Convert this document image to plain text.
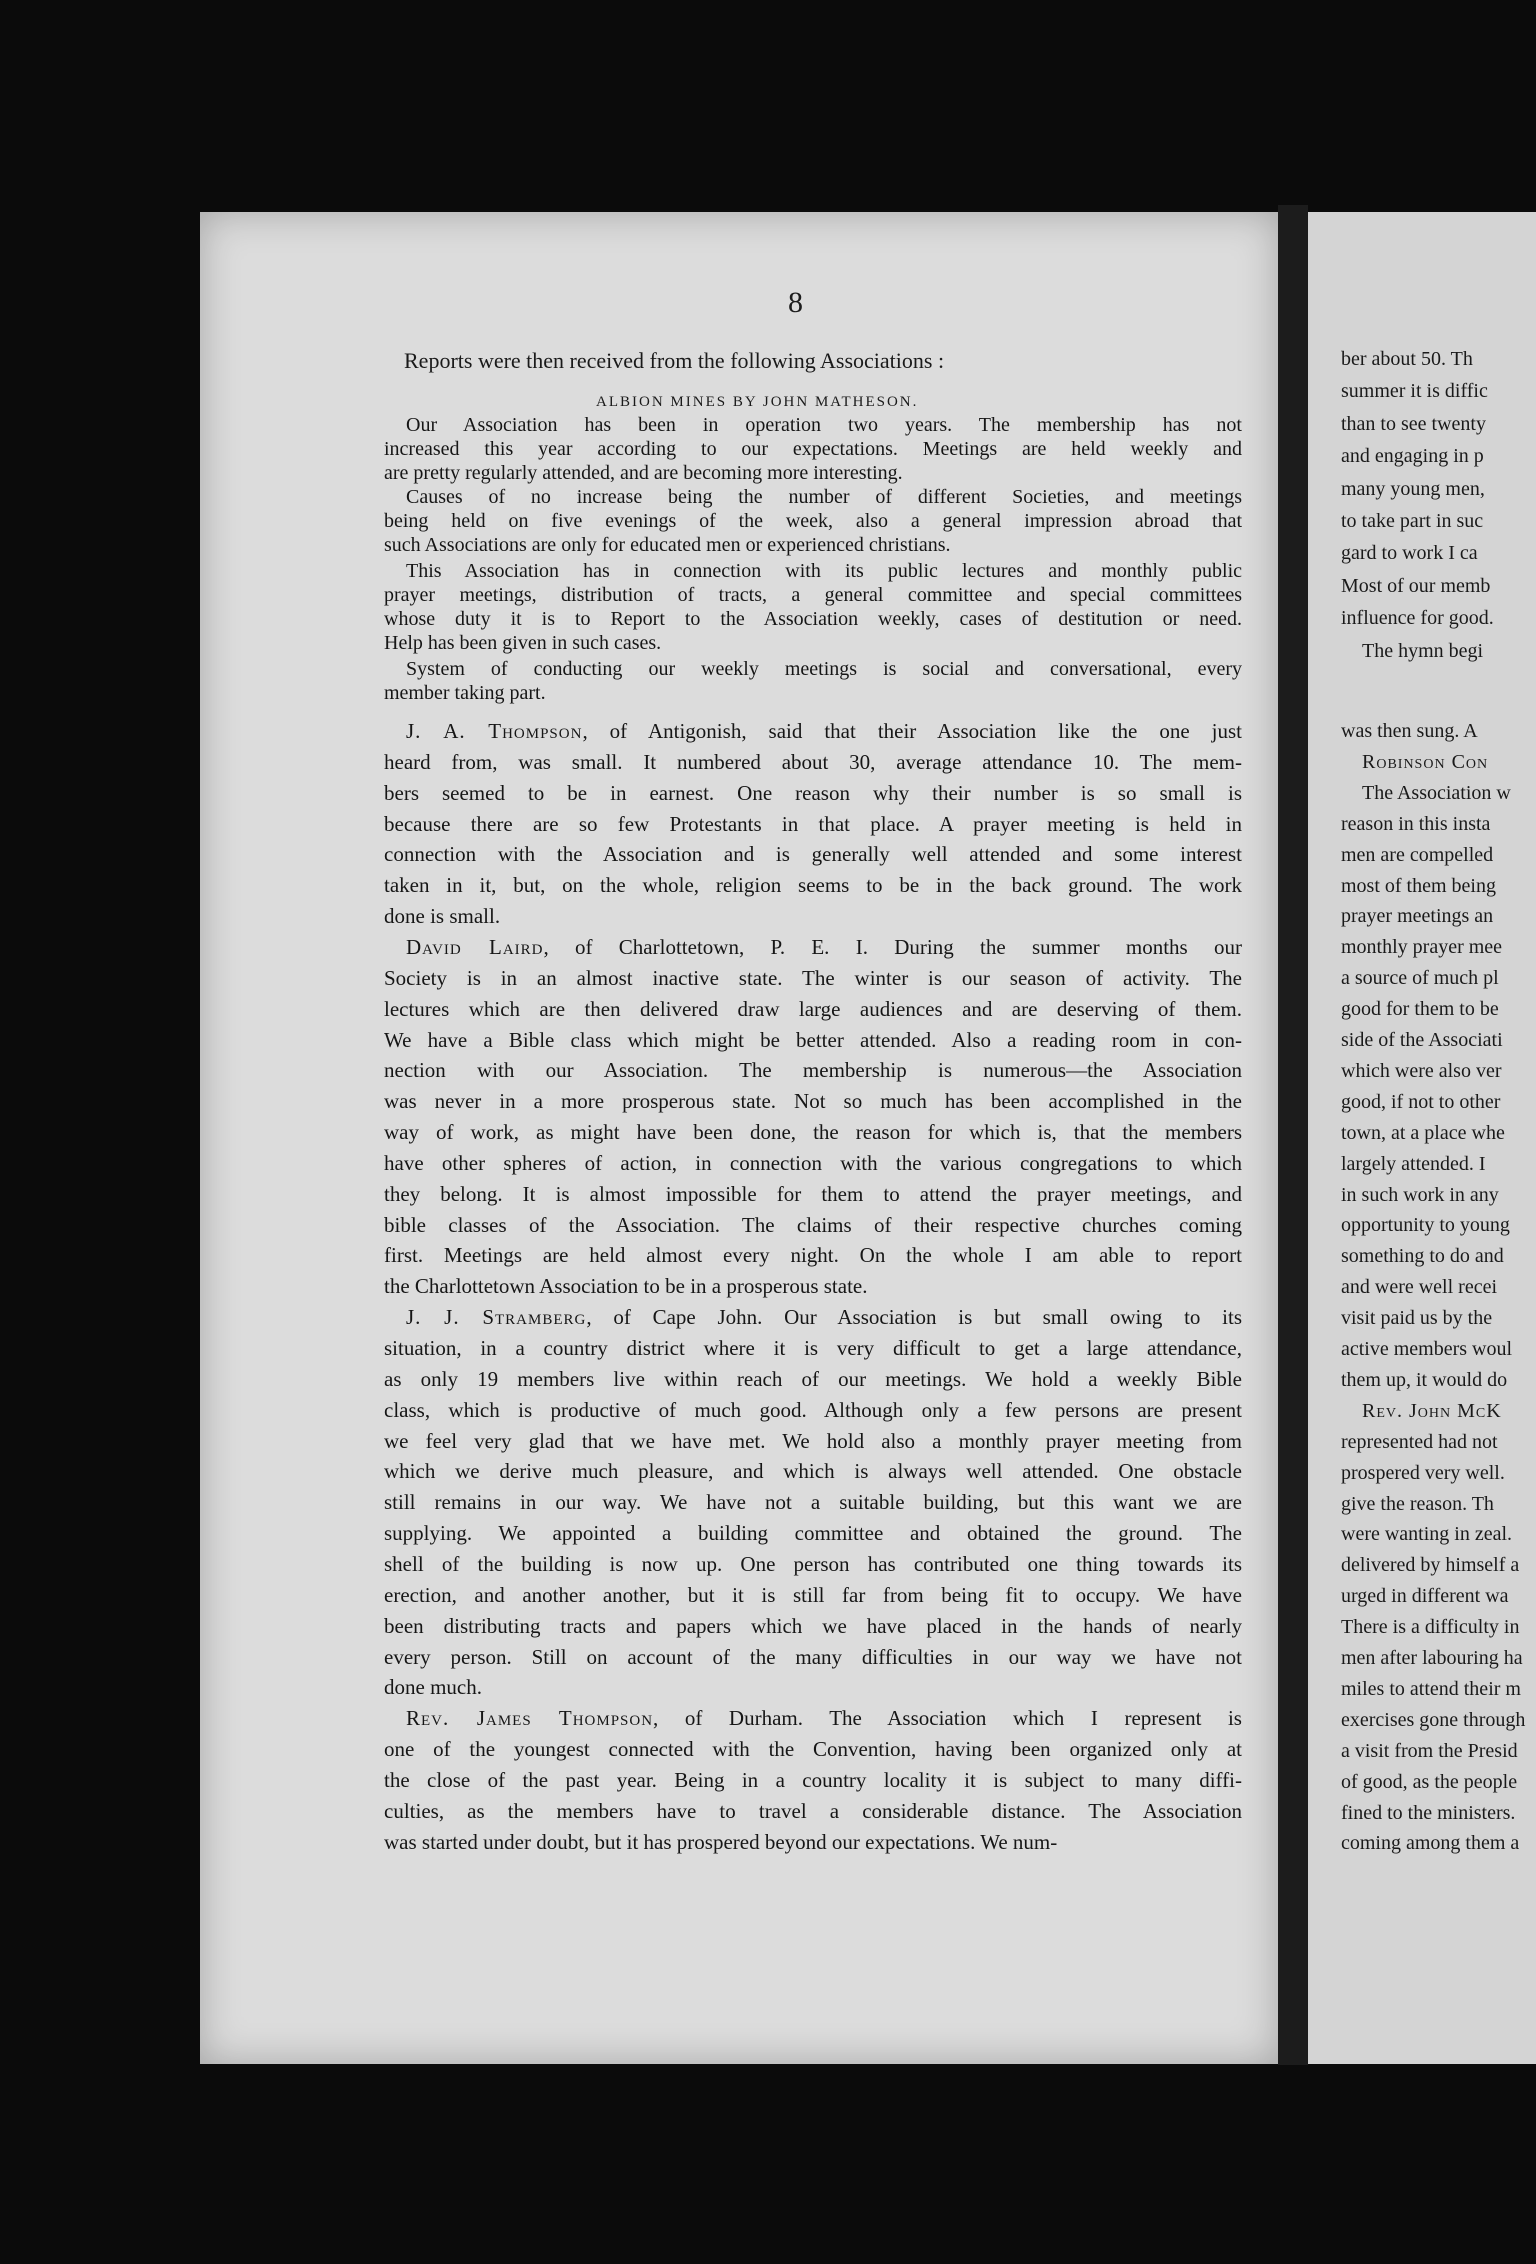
8
Reports were then received from the following Associations :
ALBION MINES BY JOHN MATHESON.
Our Association has been in operation two years. The membership has not
increased this year according to our expectations. Meetings are held weekly and
are pretty regularly attended, and are becoming more interesting.
Causes of no increase being the number of different Societies, and meetings
being held on five evenings of the week, also a general impression abroad that
such Associations are only for educated men or experienced christians.
This Association has in connection with its public lectures and monthly public
prayer meetings, distribution of tracts, a general committee and special committees
whose duty it is to Report to the Association weekly, cases of destitution or need.
Help has been given in such cases.
System of conducting our weekly meetings is social and conversational, every
member taking part.
J. A. Thompson, of Antigonish, said that their Association like the one just
heard from, was small. It numbered about 30, average attendance 10. The mem-
bers seemed to be in earnest. One reason why their number is so small is
because there are so few Protestants in that place. A prayer meeting is held in
connection with the Association and is generally well attended and some interest
taken in it, but, on the whole, religion seems to be in the back ground. The work
done is small.
David Laird, of Charlottetown, P. E. I. During the summer months our
Society is in an almost inactive state. The winter is our season of activity. The
lectures which are then delivered draw large audiences and are deserving of them.
We have a Bible class which might be better attended. Also a reading room in con-
nection with our Association. The membership is numerous—the Association
was never in a more prosperous state. Not so much has been accomplished in the
way of work, as might have been done, the reason for which is, that the members
have other spheres of action, in connection with the various congregations to which
they belong. It is almost impossible for them to attend the prayer meetings, and
bible classes of the Association. The claims of their respective churches coming
first. Meetings are held almost every night. On the whole I am able to report
the Charlottetown Association to be in a prosperous state.
J. J. Stramberg, of Cape John. Our Association is but small owing to its
situation, in a country district where it is very difficult to get a large attendance,
as only 19 members live within reach of our meetings. We hold a weekly Bible
class, which is productive of much good. Although only a few persons are present
we feel very glad that we have met. We hold also a monthly prayer meeting from
which we derive much pleasure, and which is always well attended. One obstacle
still remains in our way. We have not a suitable building, but this want we are
supplying. We appointed a building committee and obtained the ground. The
shell of the building is now up. One person has contributed one thing towards its
erection, and another another, but it is still far from being fit to occupy. We have
been distributing tracts and papers which we have placed in the hands of nearly
every person. Still on account of the many difficulties in our way we have not
done much.
Rev. James Thompson, of Durham. The Association which I represent is
one of the youngest connected with the Convention, having been organized only at
the close of the past year. Being in a country locality it is subject to many diffi-
culties, as the members have to travel a considerable distance. The Association
was started under doubt, but it has prospered beyond our expectations. We num-
ber about 50. Th
summer it is diffic
than to see twenty
and engaging in p
many young men,
to take part in suc
gard to work I ca
Most of our memb
influence for good.
The hymn begi
was then sung. A
Robinson Con
The Association w
reason in this insta
men are compelled
most of them being
prayer meetings an
monthly prayer mee
a source of much pl
good for them to be
side of the Associati
which were also ver
good, if not to other
town, at a place whe
largely attended. I
in such work in any
opportunity to young
something to do and
and were well recei
visit paid us by the
active members woul
them up, it would do
Rev. John McK
represented had not
prospered very well.
give the reason. Th
were wanting in zeal.
delivered by himself a
urged in different wa
There is a difficulty in
men after labouring ha
miles to attend their m
exercises gone through
a visit from the Presid
of good, as the people
fined to the ministers.
coming among them a
